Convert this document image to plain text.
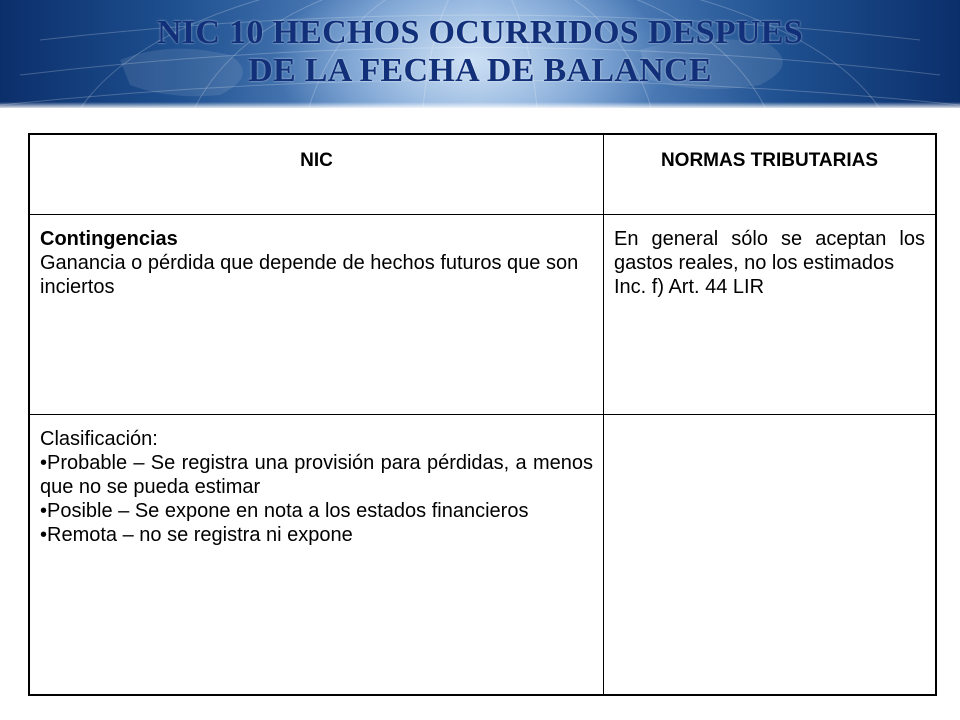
NIC 10 HECHOS OCURRIDOS DESPUES
DE LA FECHA DE BALANCE
NIC	NORMAS TRIBUTARIAS

Contingencias

Ganancia o pérdida que depende de hechos futuros que son inciertos

En general sólo se aceptan los gastos reales, no los estimados

Inc. f) Art. 44 LIR

Clasificación:

•Probable – Se registra una provisión para pérdidas, a menos que no se pueda estimar

•Posible – Se expone en nota a los estados financieros

•Remota – no se registra ni expone
